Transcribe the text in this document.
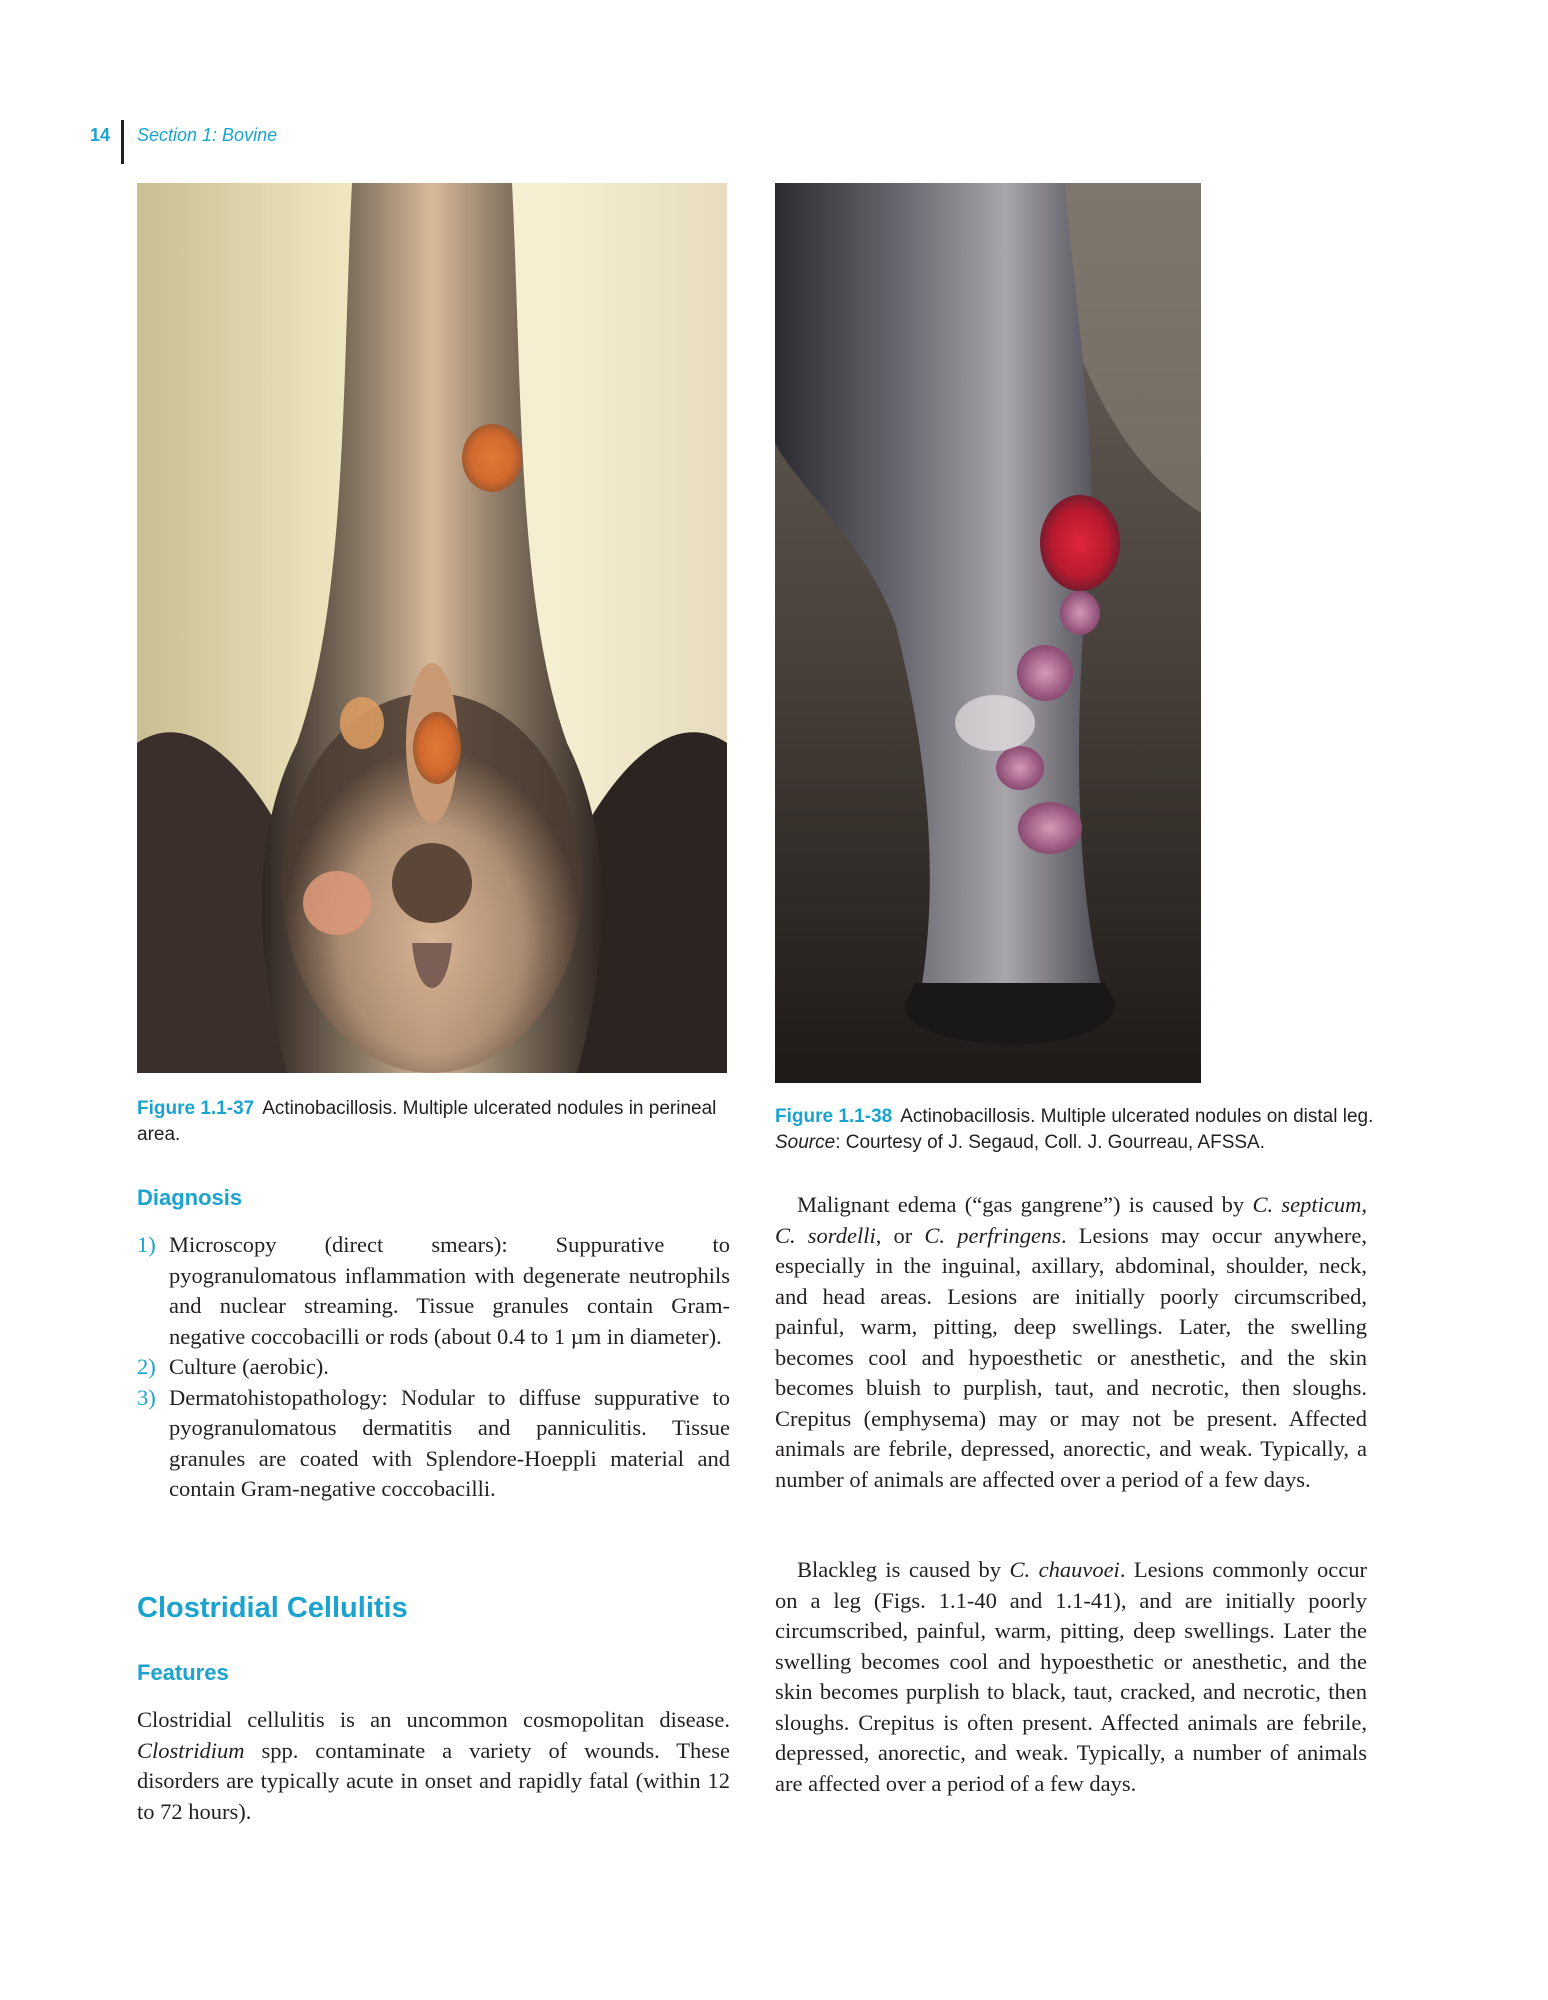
14 Section 1: Bovine
Figure 1.1-37 Actinobacillosis. Multiple ulcerated nodules in perineal area.
Figure 1.1-38 Actinobacillosis. Multiple ulcerated nodules on distal leg. Source: Courtesy of J. Segaud, Coll. J. Gourreau, AFSSA.
Diagnosis
1) Microscopy (direct smears): Suppurative to pyogranulomatous inflammation with degenerate neutrophils and nuclear streaming. Tissue granules contain Gram-negative coccobacilli or rods (about 0.4 to 1 µm in diameter).
2) Culture (aerobic).
3) Dermatohistopathology: Nodular to diffuse suppurative to pyogranulomatous dermatitis and panniculitis. Tissue granules are coated with Splendore-Hoeppli material and contain Gram-negative coccobacilli.
Clostridial Cellulitis
Features

Clostridial cellulitis is an uncommon cosmopolitan disease. Clostridium spp. contaminate a variety of wounds. These disorders are typically acute in onset and rapidly fatal (within 12 to 72 hours).

Malignant edema (“gas gangrene”) is caused by C. septicum, C. sordelli, or C. perfringens. Lesions may occur anywhere, especially in the inguinal, axillary, abdominal, shoulder, neck, and head areas. Lesions are initially poorly circumscribed, painful, warm, pitting, deep swellings. Later, the swelling becomes cool and hypoesthetic or anesthetic, and the skin becomes bluish to purplish, taut, and necrotic, then sloughs. Crepitus (emphysema) may or may not be present. Affected animals are febrile, depressed, anorectic, and weak. Typically, a number of animals are affected over a period of a few days.

Blackleg is caused by C. chauvoei. Lesions commonly occur on a leg (Figs. 1.1-40 and 1.1-41), and are initially poorly circumscribed, painful, warm, pitting, deep swellings. Later the swelling becomes cool and hypoesthetic or anesthetic, and the skin becomes purplish to black, taut, cracked, and necrotic, then sloughs. Crepitus is often present. Affected animals are febrile, depressed, anorectic, and weak. Typically, a number of animals are affected over a period of a few days.
